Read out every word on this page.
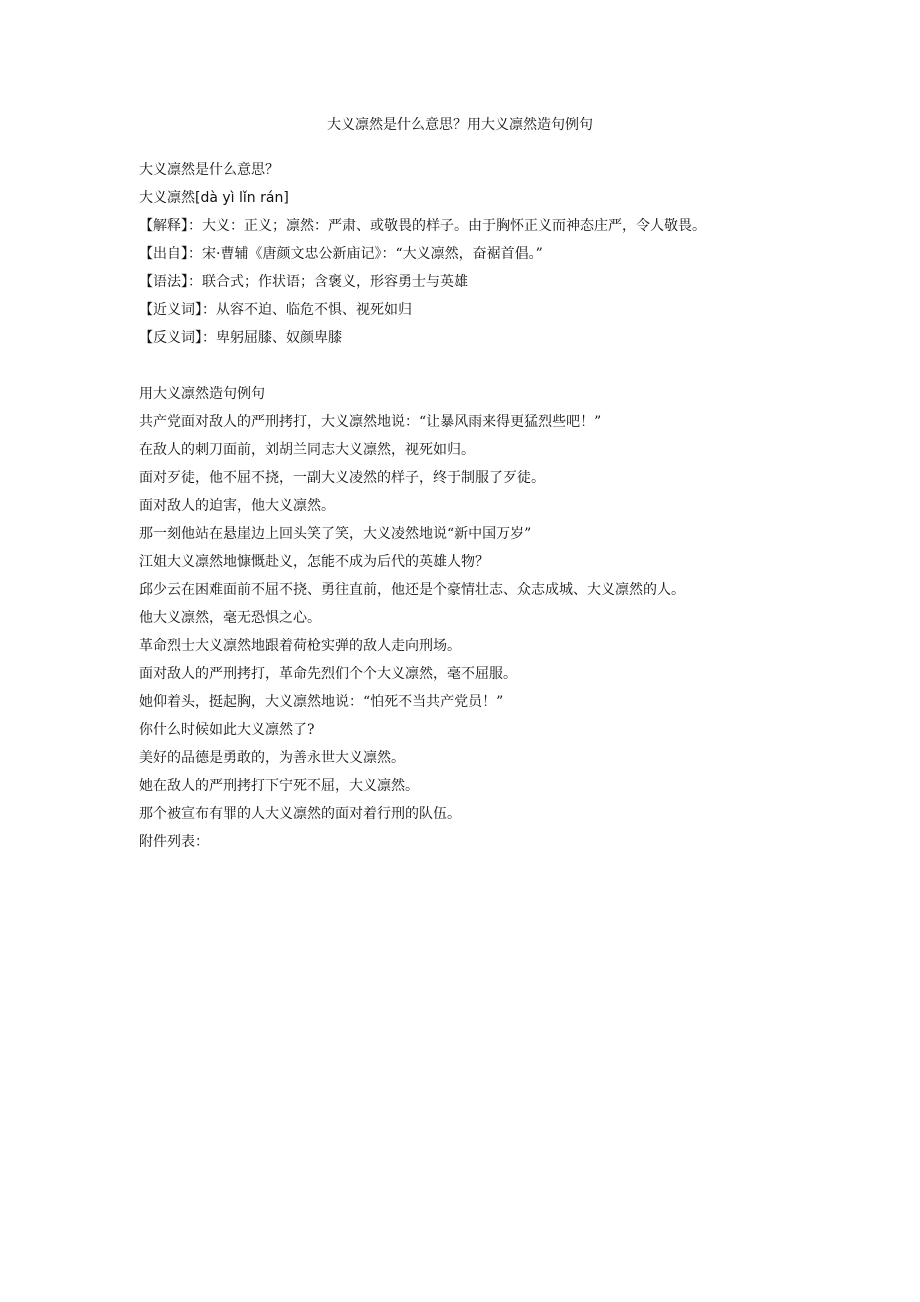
大义凛然是什么意思？用大义凛然造句例句
大义凛然是什么意思？
大义凛然[dà yì lǐn rán]
【解释】：大义：正义；凛然：严肃、或敬畏的样子。由于胸怀正义而神态庄严，令人敬畏。
【出自】：宋·曹辅《唐颜文忠公新庙记》：“大义凛然，奋裾首倡。”
【语法】：联合式；作状语；含褒义，形容勇士与英雄
【近义词】：从容不迫、临危不惧、视死如归
【反义词】：卑躬屈膝、奴颜卑膝
用大义凛然造句例句
共产党面对敌人的严刑拷打，大义凛然地说：“让暴风雨来得更猛烈些吧！”
在敌人的刺刀面前，刘胡兰同志大义凛然，视死如归。
面对歹徒，他不屈不挠，一副大义凌然的样子，终于制服了歹徒。
面对敌人的迫害，他大义凛然。
那一刻他站在悬崖边上回头笑了笑，大义凌然地说“新中国万岁”
江姐大义凛然地慷慨赴义，怎能不成为后代的英雄人物？
邱少云在困难面前不屈不挠、勇往直前，他还是个豪情壮志、众志成城、大义凛然的人。
他大义凛然，毫无恐惧之心。
革命烈士大义凛然地跟着荷枪实弹的敌人走向刑场。
面对敌人的严刑拷打，革命先烈们个个大义凛然，毫不屈服。
她仰着头，挺起胸，大义凛然地说：“怕死不当共产党员！”
你什么时候如此大义凛然了?
美好的品德是勇敢的，为善永世大义凛然。
她在敌人的严刑拷打下宁死不屈，大义凛然。
那个被宣布有罪的人大义凛然的面对着行刑的队伍。
附件列表：
